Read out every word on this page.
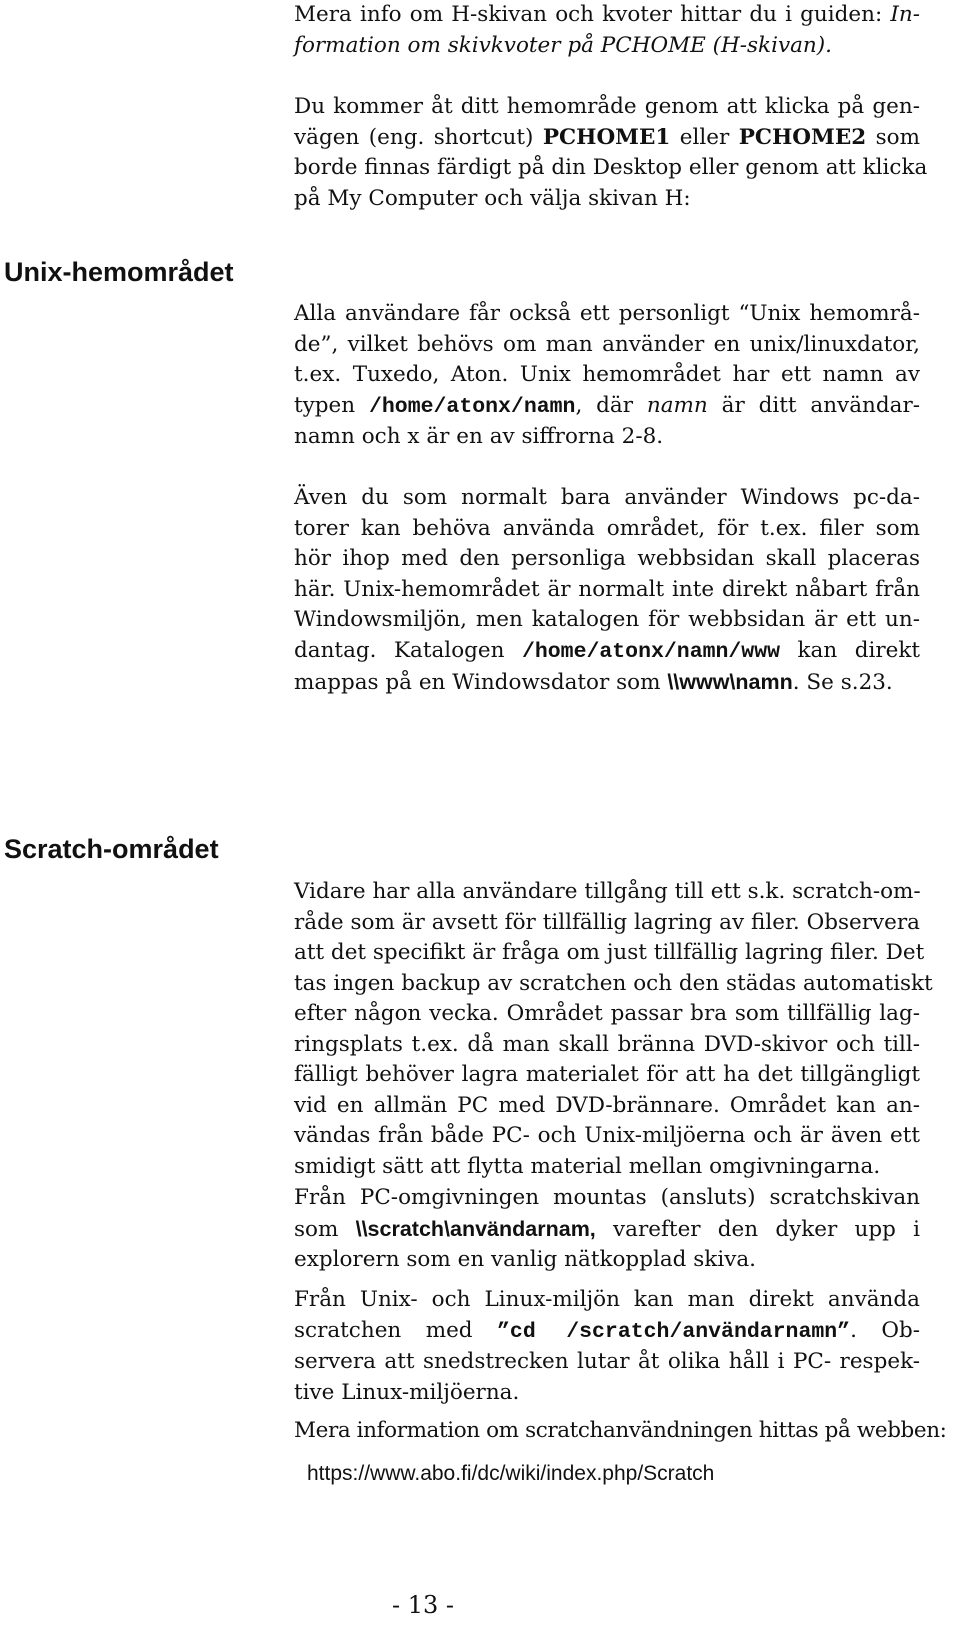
Mera info om H-skivan och kvoter hittar du i guiden: In-
formation om skivkvoter på PCHOME (H-skivan).

Du kommer åt ditt hemområde genom att klicka på gen-
vägen (eng. shortcut) PCHOME1 eller PCHOME2 som
borde finnas färdigt på din Desktop eller genom att klicka
på My Computer och välja skivan H:

Unix-hemområdet

Alla användare får också ett personligt “Unix hemområ-
de”, vilket behövs om man använder en unix/linuxdator,
t.ex. Tuxedo, Aton. Unix hemområdet har ett namn av
typen /home/atonx/namn, där namn är ditt användar-
namn och x är en av siffrorna 2-8.

Även du som normalt bara använder Windows pc-da-
torer kan behöva använda området, för t.ex. filer som
hör ihop med den personliga webbsidan skall placeras
här. Unix-hemområdet är normalt inte direkt nåbart från
Windowsmiljön, men katalogen för webbsidan är ett un-
dantag. Katalogen /home/atonx/namn/www kan direkt
mappas på en Windowsdator som \\www\namn. Se s.23.

Scratch-området

Vidare har alla användare tillgång till ett s.k. scratch-om-
råde som är avsett för tillfällig lagring av filer. Observera
att det specifikt är fråga om just tillfällig lagring filer. Det
tas ingen backup av scratchen och den städas automatiskt
efter någon vecka. Området passar bra som tillfällig lag-
ringsplats t.ex. då man skall bränna DVD-skivor och till-
fälligt behöver lagra materialet för att ha det tillgängligt
vid en allmän PC med DVD-brännare. Området kan an-
vändas från både PC- och Unix-miljöerna och är även ett
smidigt sätt att flytta material mellan omgivningarna.

Från PC-omgivningen mountas (ansluts) scratchskivan
som \\scratch\användarnam, varefter den dyker upp i
explorern som en vanlig nätkopplad skiva.

Från Unix- och Linux-miljön kan man direkt använda
scratchen med ”cd /scratch/användarnamn”. Ob-
servera att snedstrecken lutar åt olika håll i PC- respek-
tive Linux-miljöerna.

Mera information om scratchanvändningen hittas på webben:

https://www.abo.fi/dc/wiki/index.php/Scratch
- 13 -
